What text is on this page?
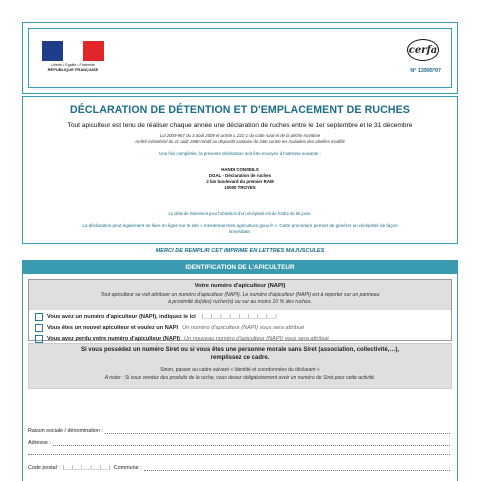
Liberté • Égalité • Fraternité
RÉPUBLIQUE FRANÇAISE
cerfa
N° 13995*07
DÉCLARATION DE DÉTENTION ET D'EMPLACEMENT DE RUCHES
Tout apiculteur est tenu de réaliser chaque année une déclaration de ruches entre le 1er septembre et le 31 décembre
Loi 2009-967 du 3 août 2009 et article L.221-1 du code rural et de la pêche maritime
Arrêté ministériel du 11 août 1980 relatif au dispositif sanitaire de lutte contre les maladies des abeilles modifié
Une fois complétée, la présente déclaration doit être envoyée à l'adresse suivante :
HANDI CONSEILS
DGAL - Déclaration de ruches
2 bis boulevard du premier RAM
10000 TROYES
Le délai de traitement pour l'obtention d'un récépissé est de l'ordre de 60 jours.
La déclaration peut également se faire en ligne sur le site « mesdemarches.agriculture.gouv.fr ». Cette procédure permet de générer un récépissé de façon
immédiate.
MERCI DE REMPLIR CET IMPRIME EN LETTRES MAJUSCULES
IDENTIFICATION DE L'APICULTEUR
Votre numéro d'apiculteur (NAPI)
Tout apiculteur se voit attribuer un numéro d'apiculteur (NAPI). Le numéro d'apiculteur (NAPI) est à reporter sur un panneau
à proximité du(des) rucher(s) ou sur au moins 10 % des ruches.
Vous avez un numéro d'apiculteur (NAPI), indiquez le ici |__|__|__|__|__|__|__|__|
Vous êtes un nouvel apiculteur et voulez un NAPI Un numéro d'apiculteur (NAPI) vous sera attribué
Vous avez perdu votre numéro d'apiculteur (NAPI) Un nouveau numéro d'apiculteur (NAPI) vous sera attribué
Si vous possédez un numéro Siret ou si vous êtes une personne morale sans Siret (association, collectivité,…),
remplissez ce cadre.
Sinon, passer au cadre suivant « Identité et coordonnées du déclarant »
A noter : Si vous vendez des produits de la ruche, vous devez obligatoirement avoir un numéro de Siret pour cette activité.
Raison sociale / dénomination :
Adresse :
Code postal : |__|__|__|__|__| Commune :
